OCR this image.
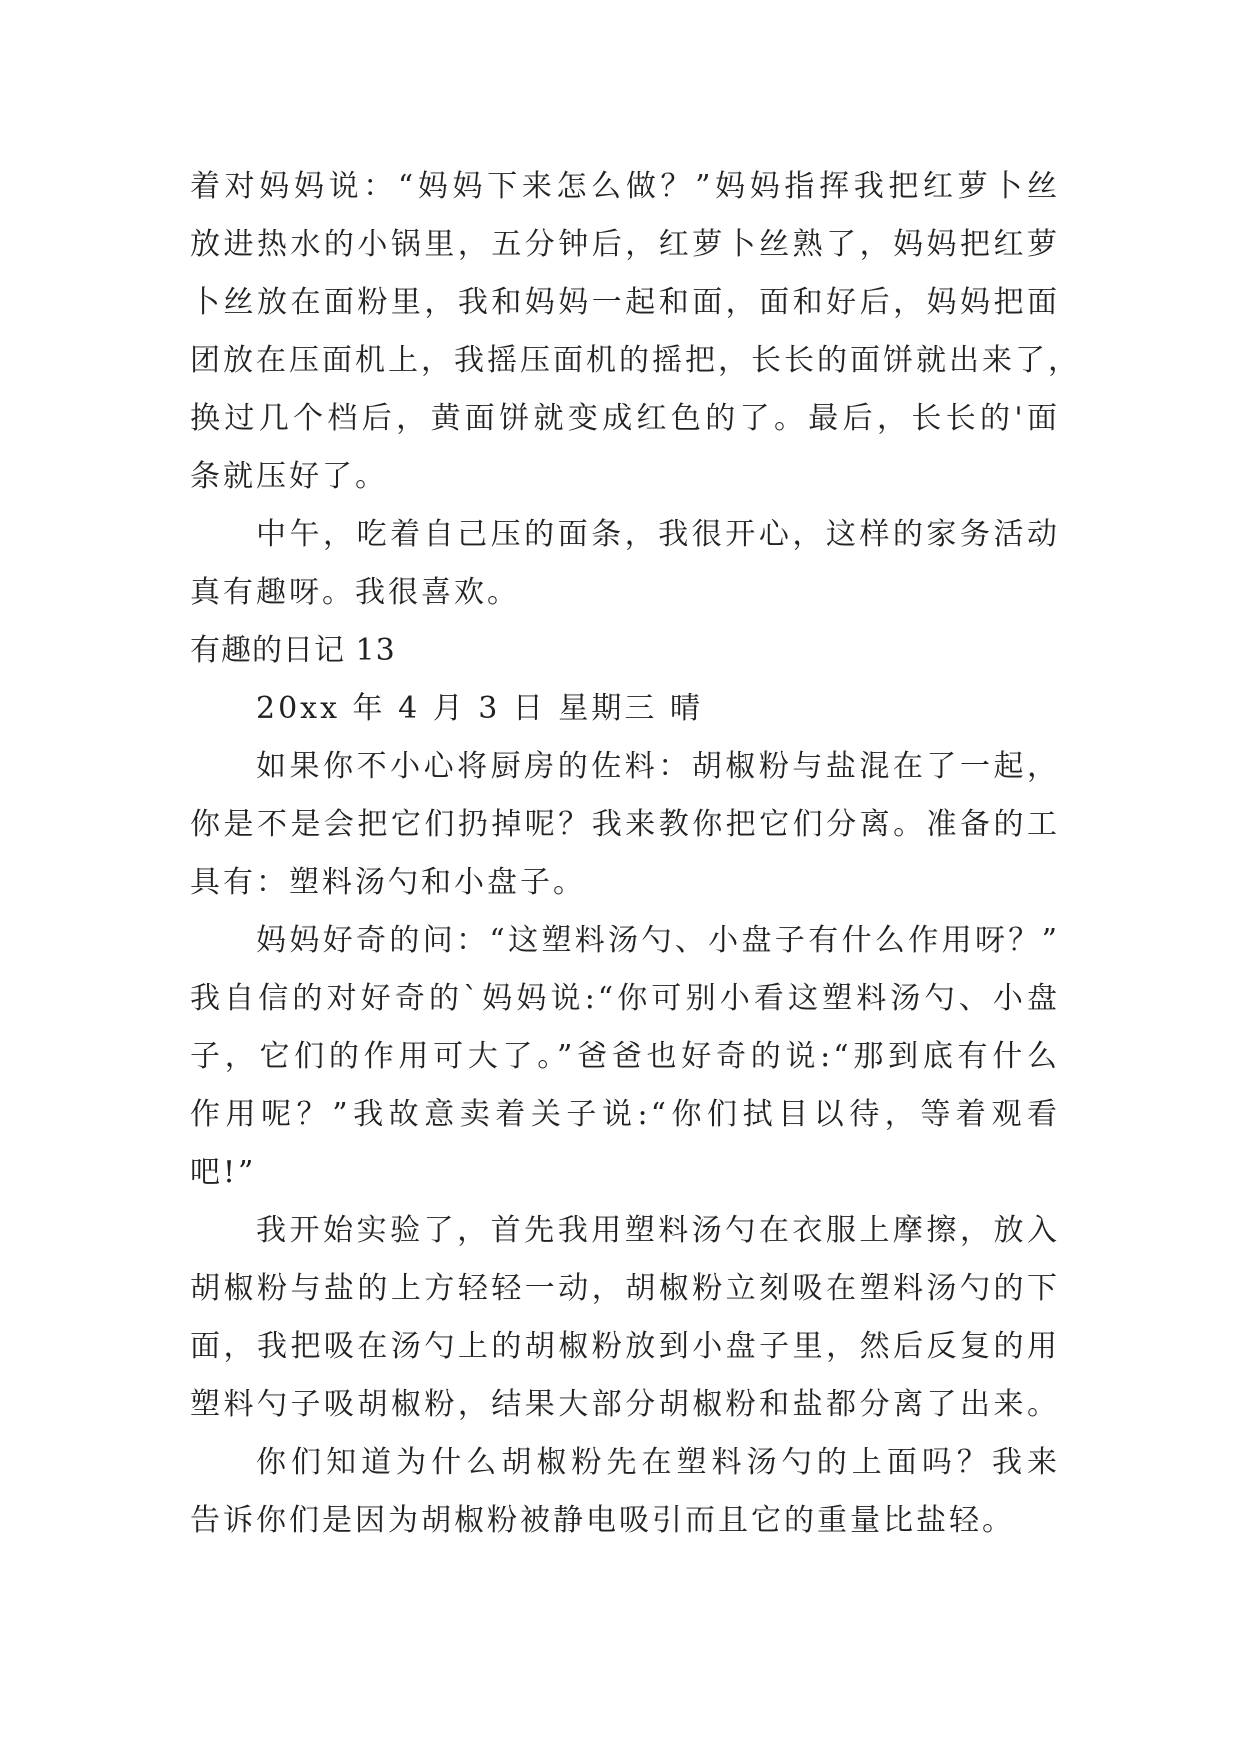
着对妈妈说：“妈妈下来怎么做？”妈妈指挥我把红萝卜丝
放进热水的小锅里，五分钟后，红萝卜丝熟了，妈妈把红萝
卜丝放在面粉里，我和妈妈一起和面，面和好后，妈妈把面
团放在压面机上，我摇压面机的摇把，长长的面饼就出来了，
换过几个档后，黄面饼就变成红色的了。最后，长长的'面
条就压好了。
中午，吃着自己压的面条，我很开心，这样的家务活动
真有趣呀。我很喜欢。
有趣的日记 13
20xx 年 4 月 3 日 星期三 晴
如果你不小心将厨房的佐料：胡椒粉与盐混在了一起，
你是不是会把它们扔掉呢？我来教你把它们分离。准备的工
具有：塑料汤勺和小盘子。
妈妈好奇的问：“这塑料汤勺、小盘子有什么作用呀？”
我自信的对好奇的`妈妈说:“你可别小看这塑料汤勺、小盘
子，它们的作用可大了。”爸爸也好奇的说:“那到底有什么
作用呢？”我故意卖着关子说:“你们拭目以待，等着观看
吧!”
我开始实验了，首先我用塑料汤勺在衣服上摩擦，放入
胡椒粉与盐的上方轻轻一动，胡椒粉立刻吸在塑料汤勺的下
面，我把吸在汤勺上的胡椒粉放到小盘子里，然后反复的用
塑料勺子吸胡椒粉，结果大部分胡椒粉和盐都分离了出来。
你们知道为什么胡椒粉先在塑料汤勺的上面吗？我来
告诉你们是因为胡椒粉被静电吸引而且它的重量比盐轻。
